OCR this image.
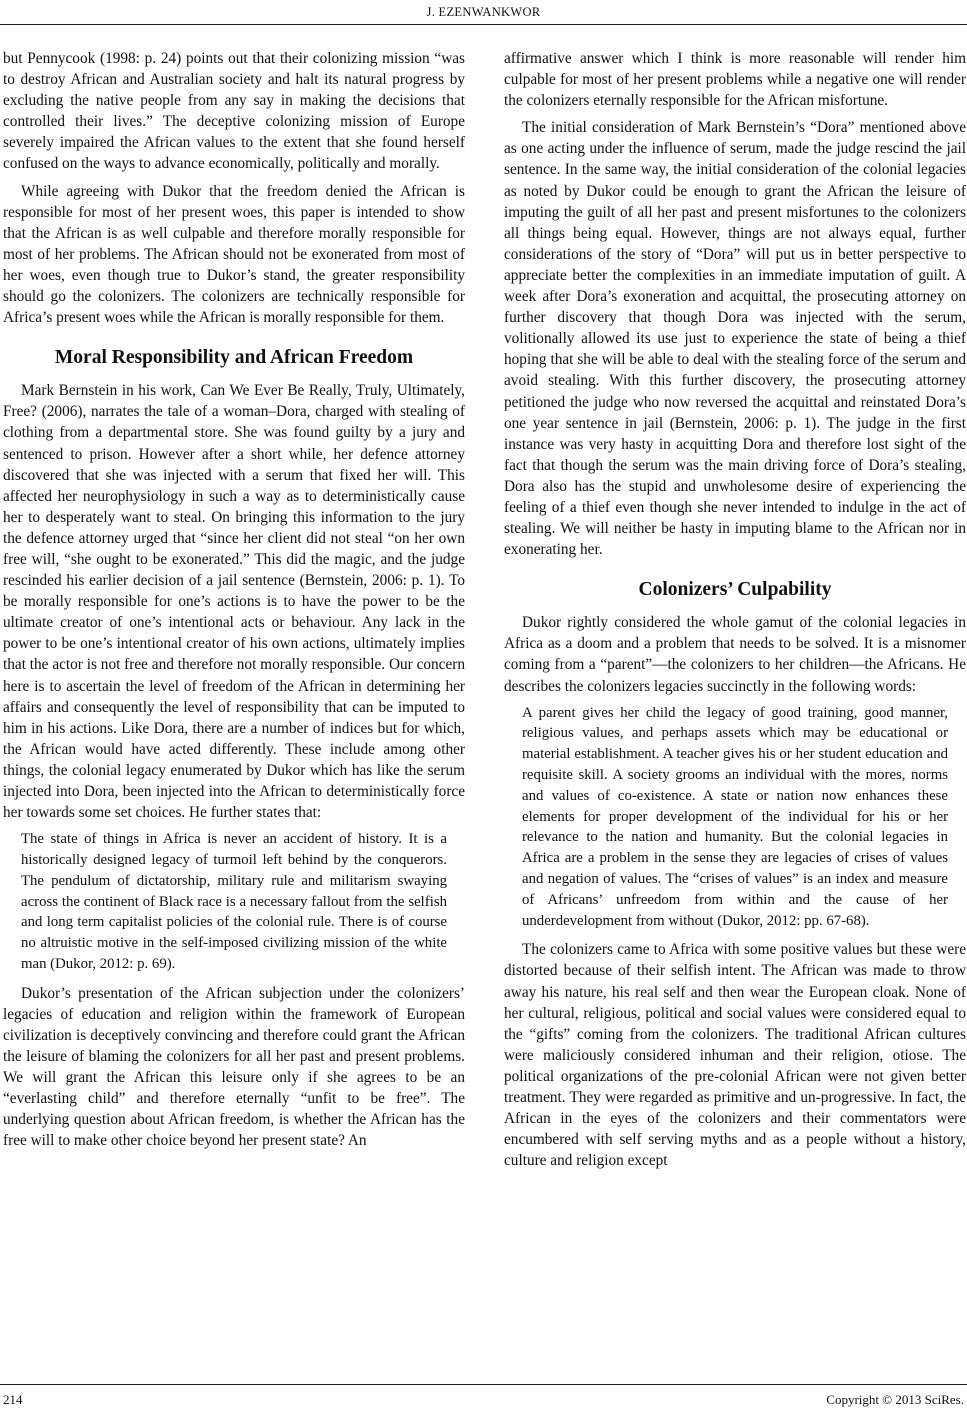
J. EZENWANKWOR

but Pennycook (1998: p. 24) points out that their colonizing mission “was to destroy African and Australian society and halt its natural progress by excluding the native people from any say in making the decisions that controlled their lives.” The deceptive colonizing mission of Europe severely impaired the African values to the extent that she found herself confused on the ways to advance economically, politically and morally.

While agreeing with Dukor that the freedom denied the African is responsible for most of her present woes, this paper is intended to show that the African is as well culpable and therefore morally responsible for most of her problems. The African should not be exonerated from most of her woes, even though true to Dukor’s stand, the greater responsibility should go the colonizers. The colonizers are technically responsible for Africa’s present woes while the African is morally responsible for them.

Moral Responsibility and African Freedom

Mark Bernstein in his work, Can We Ever Be Really, Truly, Ultimately, Free? (2006), narrates the tale of a woman–Dora, charged with stealing of clothing from a departmental store. She was found guilty by a jury and sentenced to prison. However after a short while, her defence attorney discovered that she was injected with a serum that fixed her will. This affected her neurophysiology in such a way as to deterministically cause her to desperately want to steal. On bringing this information to the jury the defence attorney urged that “since her client did not steal “on her own free will, “she ought to be exonerated.” This did the magic, and the judge rescinded his earlier decision of a jail sentence (Bernstein, 2006: p. 1). To be morally responsible for one’s actions is to have the power to be the ultimate creator of one’s intentional acts or behaviour. Any lack in the power to be one’s intentional creator of his own actions, ultimately implies that the actor is not free and therefore not morally responsible. Our concern here is to ascertain the level of freedom of the African in determining her affairs and consequently the level of responsibility that can be imputed to him in his actions. Like Dora, there are a number of indices but for which, the African would have acted differently. These include among other things, the colonial legacy enumerated by Dukor which has like the serum injected into Dora, been injected into the African to deterministically force her towards some set choices. He further states that:

The state of things in Africa is never an accident of history. It is a historically designed legacy of turmoil left behind by the conquerors. The pendulum of dictatorship, military rule and militarism swaying across the continent of Black race is a necessary fallout from the selfish and long term capitalist policies of the colonial rule. There is of course no altruistic motive in the self-imposed civilizing mission of the white man (Dukor, 2012: p. 69).

Dukor’s presentation of the African subjection under the colonizers’ legacies of education and religion within the framework of European civilization is deceptively convincing and therefore could grant the African the leisure of blaming the colonizers for all her past and present problems. We will grant the African this leisure only if she agrees to be an “everlasting child” and therefore eternally “unfit to be free”. The underlying question about African freedom, is whether the African has the free will to make other choice beyond her present state? An

affirmative answer which I think is more reasonable will render him culpable for most of her present problems while a negative one will render the colonizers eternally responsible for the African misfortune.

The initial consideration of Mark Bernstein’s “Dora” mentioned above as one acting under the influence of serum, made the judge rescind the jail sentence. In the same way, the initial consideration of the colonial legacies as noted by Dukor could be enough to grant the African the leisure of imputing the guilt of all her past and present misfortunes to the colonizers all things being equal. However, things are not always equal, further considerations of the story of “Dora” will put us in better perspective to appreciate better the complexities in an immediate imputation of guilt. A week after Dora’s exoneration and acquittal, the prosecuting attorney on further discovery that though Dora was injected with the serum, volitionally allowed its use just to experience the state of being a thief hoping that she will be able to deal with the stealing force of the serum and avoid stealing. With this further discovery, the prosecuting attorney petitioned the judge who now reversed the acquittal and reinstated Dora’s one year sentence in jail (Bernstein, 2006: p. 1). The judge in the first instance was very hasty in acquitting Dora and therefore lost sight of the fact that though the serum was the main driving force of Dora’s stealing, Dora also has the stupid and unwholesome desire of experiencing the feeling of a thief even though she never intended to indulge in the act of stealing. We will neither be hasty in imputing blame to the African nor in exonerating her.

Colonizers’ Culpability

Dukor rightly considered the whole gamut of the colonial legacies in Africa as a doom and a problem that needs to be solved. It is a misnomer coming from a “parent”—the colonizers to her children—the Africans. He describes the colonizers legacies succinctly in the following words:

A parent gives her child the legacy of good training, good manner, religious values, and perhaps assets which may be educational or material establishment. A teacher gives his or her student education and requisite skill. A society grooms an individual with the mores, norms and values of co-existence. A state or nation now enhances these elements for proper development of the individual for his or her relevance to the nation and humanity. But the colonial legacies in Africa are a problem in the sense they are legacies of crises of values and negation of values. The “crises of values” is an index and measure of Africans’ unfreedom from within and the cause of her underdevelopment from without (Dukor, 2012: pp. 67-68).

The colonizers came to Africa with some positive values but these were distorted because of their selfish intent. The African was made to throw away his nature, his real self and then wear the European cloak. None of her cultural, religious, political and social values were considered equal to the “gifts” coming from the colonizers. The traditional African cultures were maliciously considered inhuman and their religion, otiose. The political organizations of the pre-colonial African were not given better treatment. They were regarded as primitive and un-progressive. In fact, the African in the eyes of the colonizers and their commentators were encumbered with self serving myths and as a people without a history, culture and religion except

214	Copyright © 2013 SciRes.
